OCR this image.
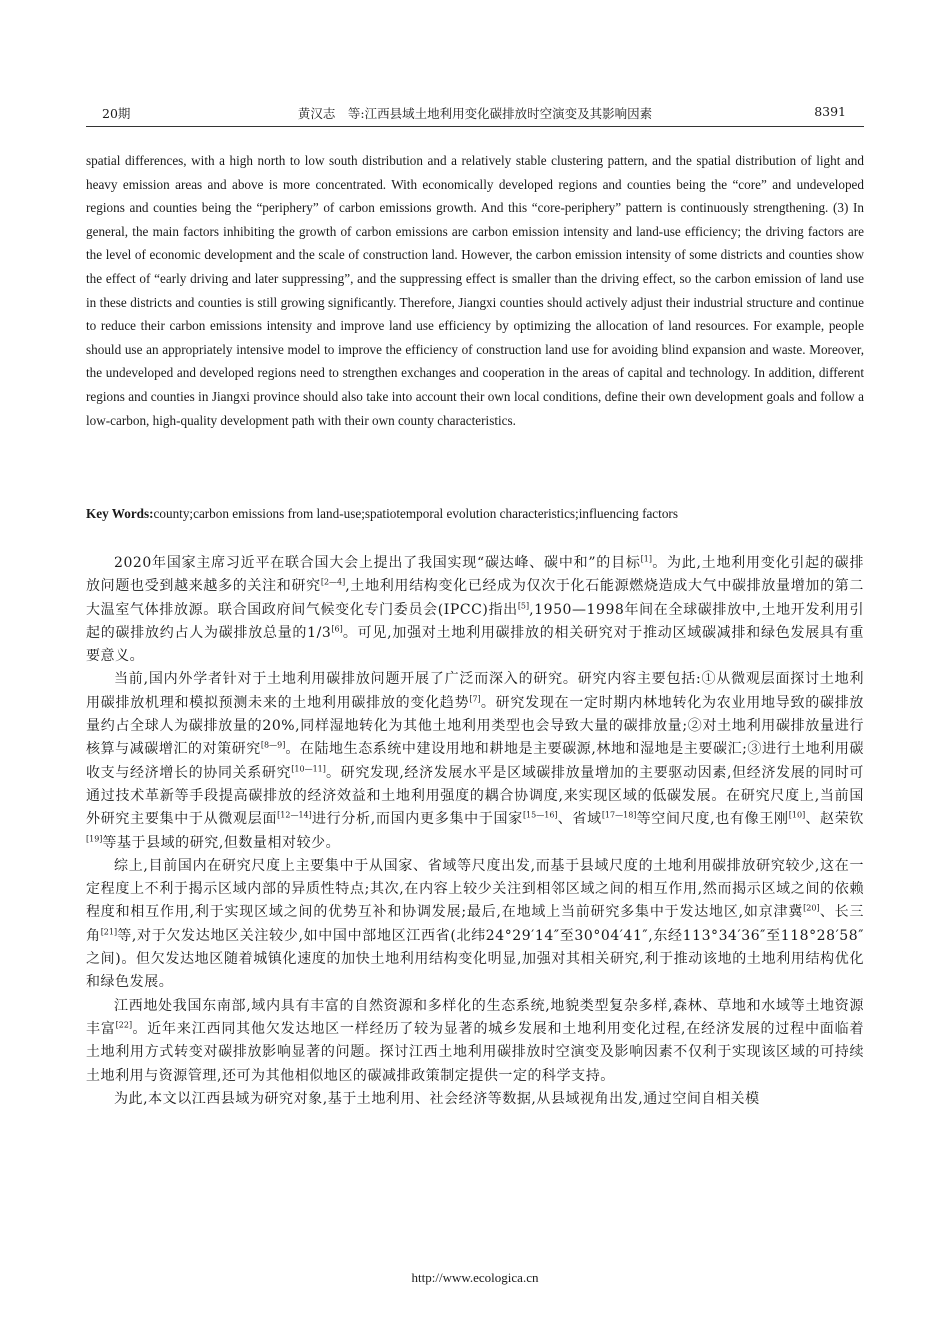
20期	黄汉志　等:江西县域土地利用变化碳排放时空演变及其影响因素	8391
spatial differences, with a high north to low south distribution and a relatively stable clustering pattern, and the spatial distribution of light and heavy emission areas and above is more concentrated. With economically developed regions and counties being the “core” and undeveloped regions and counties being the “periphery” of carbon emissions growth. And this “core-periphery” pattern is continuously strengthening. (3) In general, the main factors inhibiting the growth of carbon emissions are carbon emission intensity and land-use efficiency; the driving factors are the level of economic development and the scale of construction land. However, the carbon emission intensity of some districts and counties show the effect of “early driving and later suppressing”, and the suppressing effect is smaller than the driving effect, so the carbon emission of land use in these districts and counties is still growing significantly. Therefore, Jiangxi counties should actively adjust their industrial structure and continue to reduce their carbon emissions intensity and improve land use efficiency by optimizing the allocation of land resources. For example, people should use an appropriately intensive model to improve the efficiency of construction land use for avoiding blind expansion and waste. Moreover, the undeveloped and developed regions need to strengthen exchanges and cooperation in the areas of capital and technology. In addition, different regions and counties in Jiangxi province should also take into account their own local conditions, define their own development goals and follow a low-carbon, high-quality development path with their own county characteristics.
Key Words:county;carbon emissions from land-use;spatiotemporal evolution characteristics;influencing factors

2020年国家主席习近平在联合国大会上提出了我国实现“碳达峰、碳中和”的目标[1]。为此,土地利用变化引起的碳排放问题也受到越来越多的关注和研究[2—4],土地利用结构变化已经成为仅次于化石能源燃烧造成大气中碳排放量增加的第二大温室气体排放源。联合国政府间气候变化专门委员会(IPCC)指出[5],1950—1998年间在全球碳排放中,土地开发利用引起的碳排放约占人为碳排放总量的1/3[6]。可见,加强对土地利用碳排放的相关研究对于推动区域碳减排和绿色发展具有重要意义。

当前,国内外学者针对于土地利用碳排放问题开展了广泛而深入的研究。研究内容主要包括:①从微观层面探讨土地利用碳排放机理和模拟预测未来的土地利用碳排放的变化趋势[7]。研究发现在一定时期内林地转化为农业用地导致的碳排放量约占全球人为碳排放量的20%,同样湿地转化为其他土地利用类型也会导致大量的碳排放量;②对土地利用碳排放量进行核算与减碳增汇的对策研究[8—9]。在陆地生态系统中建设用地和耕地是主要碳源,林地和湿地是主要碳汇;③进行土地利用碳收支与经济增长的协同关系研究[10—11]。研究发现,经济发展水平是区域碳排放量增加的主要驱动因素,但经济发展的同时可通过技术革新等手段提高碳排放的经济效益和土地利用强度的耦合协调度,来实现区域的低碳发展。在研究尺度上,当前国外研究主要集中于从微观层面[12—14]进行分析,而国内更多集中于国家[15—16]、省域[17—18]等空间尺度,也有像王刚[10]、赵荣钦[19]等基于县域的研究,但数量相对较少。

综上,目前国内在研究尺度上主要集中于从国家、省域等尺度出发,而基于县域尺度的土地利用碳排放研究较少,这在一定程度上不利于揭示区域内部的异质性特点;其次,在内容上较少关注到相邻区域之间的相互作用,然而揭示区域之间的依赖程度和相互作用,利于实现区域之间的优势互补和协调发展;最后,在地域上当前研究多集中于发达地区,如京津冀[20]、长三角[21]等,对于欠发达地区关注较少,如中国中部地区江西省(北纬24°29′14″至30°04′41″,东经113°34′36″至118°28′58″之间)。但欠发达地区随着城镇化速度的加快土地利用结构变化明显,加强对其相关研究,利于推动该地的土地利用结构优化和绿色发展。

江西地处我国东南部,域内具有丰富的自然资源和多样化的生态系统,地貌类型复杂多样,森林、草地和水域等土地资源丰富[22]。近年来江西同其他欠发达地区一样经历了较为显著的城乡发展和土地利用变化过程,在经济发展的过程中面临着土地利用方式转变对碳排放影响显著的问题。探讨江西土地利用碳排放时空演变及影响因素不仅利于实现该区域的可持续土地利用与资源管理,还可为其他相似地区的碳减排政策制定提供一定的科学支持。

为此,本文以江西县域为研究对象,基于土地利用、社会经济等数据,从县域视角出发,通过空间自相关模

http://www.ecologica.cn
